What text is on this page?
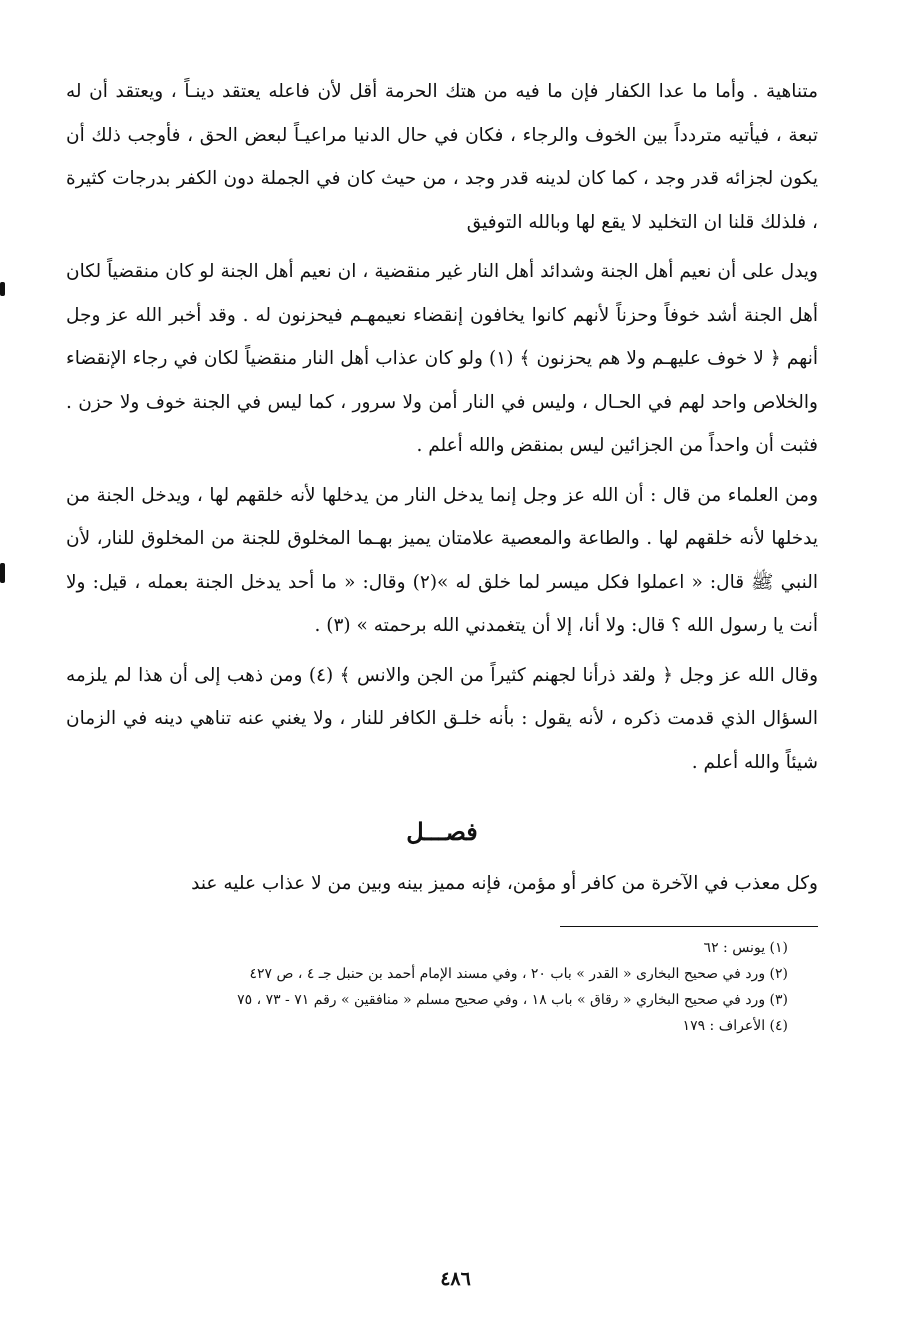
متناهية . وأما ما عدا الكفار فإن ما فيه من هتك الحرمة أقل لأن فاعله يعتقد دينـاً ، ويعتقد أن له تبعة ، فيأتيه متردداً بين الخوف والرجاء ، فكان في حال الدنيا مراعيـاً لبعض الحق ، فأوجب ذلك أن يكون لجزائه قدر وجد ، كما كان لدينه قدر وجد ، من حيث كان في الجملة دون الكفر بدرجات كثيرة ، فلذلك قلنا ان التخليد لا يقع لها وبالله التوفيق

ويدل على أن نعيم أهل الجنة وشدائد أهل النار غير منقضية ، ان نعيم أهل الجنة لو كان منقضياً لكان أهل الجنة أشد خوفاً وحزناً لأنهم كانوا يخافون إنقضاء نعيمهـم فيحزنون له . وقد أخبر الله عز وجل أنهم ﴿ لا خوف عليهـم ولا هم يحزنون ﴾ (١) ولو كان عذاب أهل النار منقضياً لكان في رجاء الإنقضاء والخلاص واحد لهم في الحـال ، وليس في النار أمن ولا سرور ، كما ليس في الجنة خوف ولا حزن . فثبت أن واحداً من الجزائين ليس بمنقض والله أعلم .

ومن العلماء من قال : أن الله عز وجل إنما يدخل النار من يدخلها لأنه خلقهم لها ، ويدخل الجنة من يدخلها لأنه خلقهم لها . والطاعة والمعصية علامتان يميز بهـما المخلوق للجنة من المخلوق للنار، لأن النبي ﷺ قال: « اعملوا فكل ميسر لما خلق له »(٢) وقال: « ما أحد يدخل الجنة بعمله ، قيل: ولا أنت يا رسول الله ؟ قال: ولا أنا، إلا أن يتغمدني الله برحمته » (٣) .

وقال الله عز وجل ﴿ ولقد ذرأنا لجهنم كثيراً من الجن والانس ﴾ (٤) ومن ذهب إلى أن هذا لم يلزمه السؤال الذي قدمت ذكره ، لأنه يقول : بأنه خلـق الكافر للنار ، ولا يغني عنه تناهي دينه في الزمان شيئاً والله أعلم .

فصـــل

وكل معذب في الآخرة من كافر أو مؤمن، فإنه مميز بينه وبين من لا عذاب عليه عند

(١) يونس : ٦٢
(٢) ورد في صحيح البخارى « القدر » باب ٢٠ ، وفي مسند الإمام أحمد بن حنبل جـ ٤ ، ص ٤٢٧
(٣) ورد في صحيح البخاري « رقاق » باب ١٨ ، وفي صحيح مسلم « منافقين » رقم ٧١ - ٧٣ ، ٧٥
(٤) الأعراف : ١٧٩
٤٨٦
